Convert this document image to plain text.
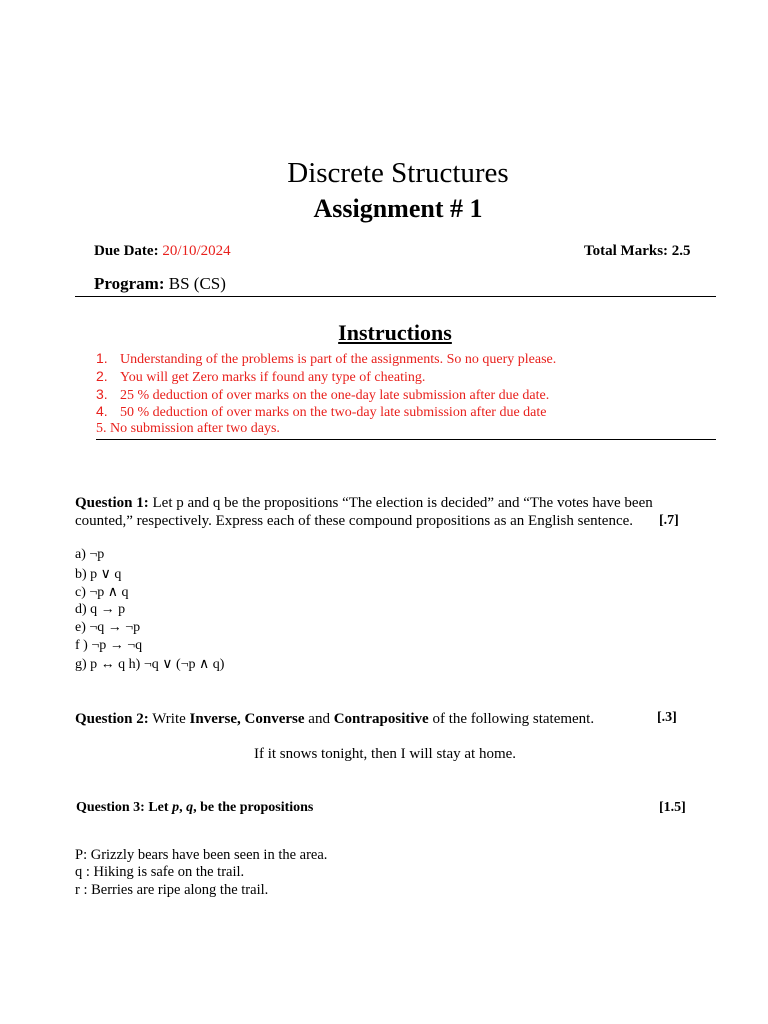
Discrete Structures
Assignment # 1
Due Date: 20/10/2024	Total Marks: 2.5
Program: BS (CS)
Instructions
1. Understanding of the problems is part of the assignments. So no query please.
2. You will get Zero marks if found any type of cheating.
3. 25 % deduction of over marks on the one-day late submission after due date.
4. 50 % deduction of over marks on the two-day late submission after due date
5. No submission after two days.
Question 1: Let p and q be the propositions “The election is decided” and “The votes have been
counted,” respectively. Express each of these compound propositions as an English sentence. [.7]
a) ¬p
b) p ∨ q
c) ¬p ∧ q
d) q → p
e) ¬q → ¬p
f ) ¬p → ¬q
g) p ↔ q h) ¬q ∨ (¬p ∧ q)
Question 2: Write Inverse, Converse and Contrapositive of the following statement.	[.3]
If it snows tonight, then I will stay at home.
Question 3: Let p, q, be the propositions	[1.5]
P: Grizzly bears have been seen in the area.
q : Hiking is safe on the trail.
r : Berries are ripe along the trail.
